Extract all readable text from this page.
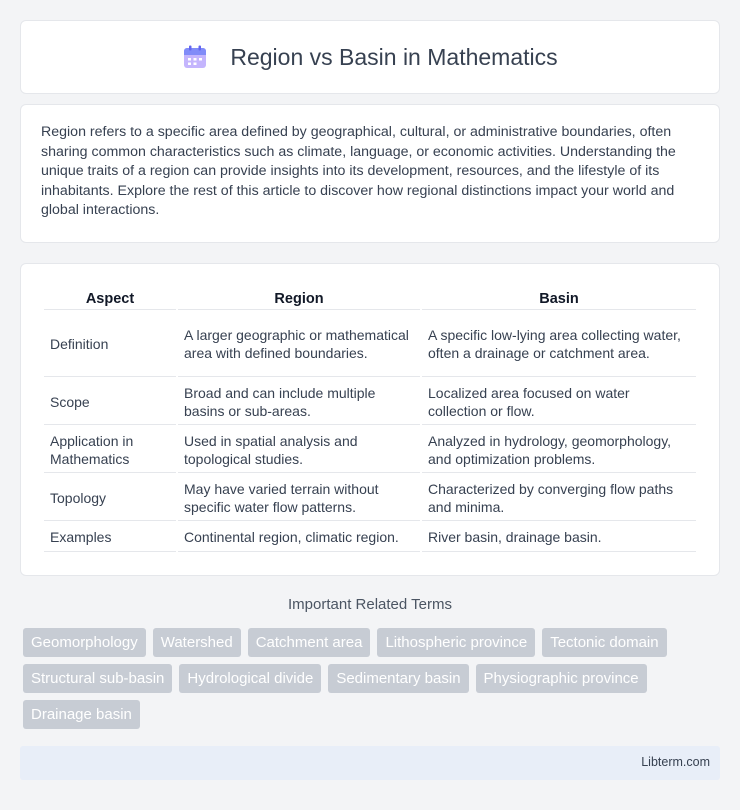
Region vs Basin in Mathematics

Region refers to a specific area defined by geographical, cultural, or administrative boundaries, often sharing common characteristics such as climate, language, or economic activities. Understanding the unique traits of a region can provide insights into its development, resources, and the lifestyle of its inhabitants. Explore the rest of this article to discover how regional distinctions impact your world and global interactions.

Aspect	Region	Basin
Definition	A larger geographic or mathematical area with defined boundaries.	A specific low-lying area collecting water, often a drainage or catchment area.
Scope	Broad and can include multiple basins or sub-areas.	Localized area focused on water collection or flow.
Application in Mathematics	Used in spatial analysis and topological studies.	Analyzed in hydrology, geomorphology, and optimization problems.
Topology	May have varied terrain without specific water flow patterns.	Characterized by converging flow paths and minima.
Examples	Continental region, climatic region.	River basin, drainage basin.
Important Related Terms
Geomorphology	Watershed	Catchment area	Lithospheric province	Tectonic domain
Structural sub-basin	Hydrological divide	Sedimentary basin	Physiographic province
Drainage basin
Libterm.com
